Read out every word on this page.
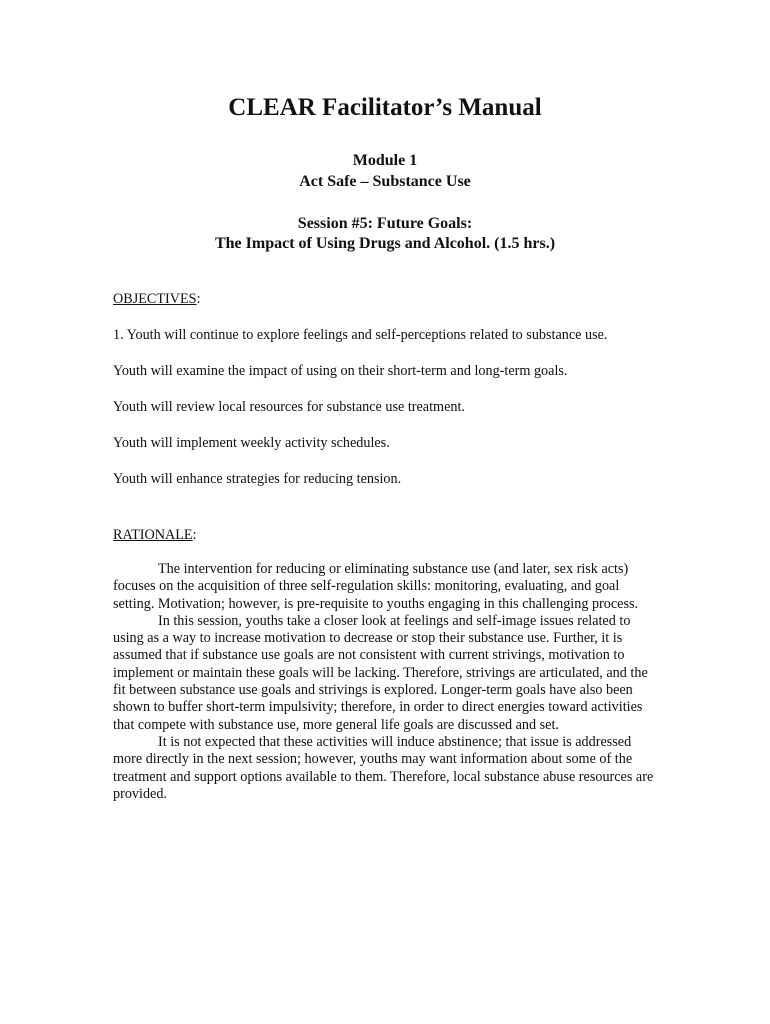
CLEAR Facilitator’s Manual
Module 1
Act Safe – Substance Use
Session #5: Future Goals:
The Impact of Using Drugs and Alcohol. (1.5 hrs.)
OBJECTIVES:
1. Youth will continue to explore feelings and self-perceptions related to substance use.
Youth will examine the impact of using on their short-term and long-term goals.
Youth will review local resources for substance use treatment.
Youth will implement weekly activity schedules.
Youth will enhance strategies for reducing tension.
RATIONALE:

The intervention for reducing or eliminating substance use (and later, sex risk acts) focuses on the acquisition of three self-regulation skills: monitoring, evaluating, and goal setting. Motivation; however, is pre-requisite to youths engaging in this challenging process.

In this session, youths take a closer look at feelings and self-image issues related to using as a way to increase motivation to decrease or stop their substance use. Further, it is assumed that if substance use goals are not consistent with current strivings, motivation to implement or maintain these goals will be lacking. Therefore, strivings are articulated, and the fit between substance use goals and strivings is explored. Longer-term goals have also been shown to buffer short-term impulsivity; therefore, in order to direct energies toward activities that compete with substance use, more general life goals are discussed and set.

It is not expected that these activities will induce abstinence; that issue is addressed more directly in the next session; however, youths may want information about some of the treatment and support options available to them. Therefore, local substance abuse resources are provided.
